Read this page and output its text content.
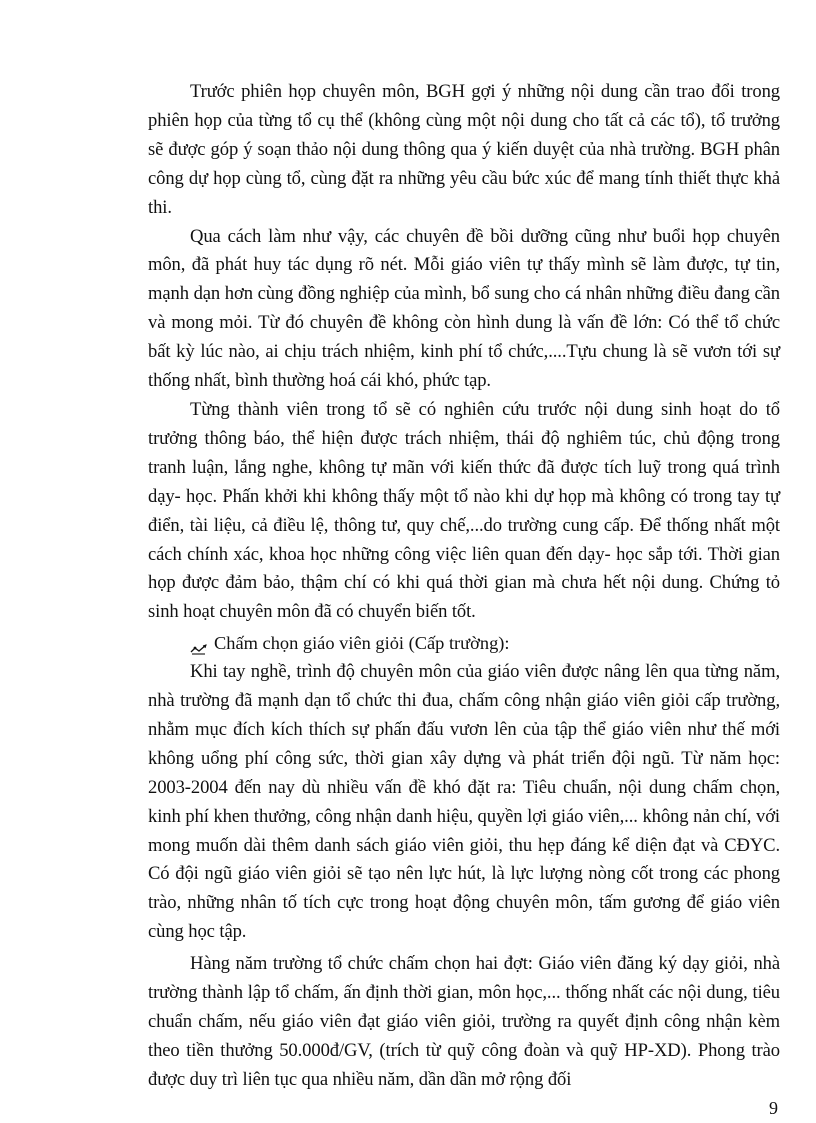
Trước phiên họp chuyên môn, BGH gợi ý những nội dung cần trao đổi trong phiên họp của từng tổ cụ thể (không cùng một nội dung cho tất cả các tổ), tổ trưởng sẽ được góp ý soạn thảo nội dung thông qua ý kiến duyệt của nhà trường. BGH phân công dự họp cùng tổ, cùng đặt ra những yêu cầu bức xúc để mang tính thiết thực khả thi.

Qua cách làm như vậy, các chuyên đề bồi dưỡng cũng như buổi họp chuyên môn, đã phát huy tác dụng rõ nét. Mỗi giáo viên tự thấy mình sẽ làm được, tự tin, mạnh dạn hơn cùng đồng nghiệp của mình, bổ sung cho cá nhân những điều đang cần và mong mỏi. Từ đó chuyên đề không còn hình dung là vấn đề lớn: Có thể tổ chức bất kỳ lúc nào, ai chịu trách nhiệm, kinh phí tổ chức,....Tựu chung là sẽ vươn tới sự thống nhất, bình thường hoá cái khó, phức tạp.

Từng thành viên trong tổ sẽ có nghiên cứu trước nội dung sinh hoạt do tổ trưởng thông báo, thể hiện được trách nhiệm, thái độ nghiêm túc, chủ động trong tranh luận, lắng nghe, không tự mãn với kiến thức đã được tích luỹ trong quá trình dạy- học. Phấn khởi khi không thấy một tổ nào khi dự họp mà không có trong tay tự điển, tài liệu, cả điều lệ, thông tư, quy chế,...do trường cung cấp. Để thống nhất một cách chính xác, khoa học những công việc liên quan đến dạy- học sắp tới. Thời gian họp được đảm bảo, thậm chí có khi quá thời gian mà chưa hết nội dung. Chứng tỏ sinh hoạt chuyên môn đã có chuyển biến tốt.

Chấm chọn giáo viên giỏi (Cấp trường):

Khi tay nghề, trình độ chuyên môn của giáo viên được nâng lên qua từng năm, nhà trường đã mạnh dạn tổ chức thi đua, chấm công nhận giáo viên giỏi cấp trường, nhằm mục đích kích thích sự phấn đấu vươn lên của tập thể giáo viên như thế mới không uổng phí công sức, thời gian xây dựng và phát triển đội ngũ. Từ năm học: 2003-2004 đến nay dù nhiều vấn đề khó đặt ra: Tiêu chuẩn, nội dung chấm chọn, kinh phí khen thưởng, công nhận danh hiệu, quyền lợi giáo viên,... không nản chí, với mong muốn dài thêm danh sách giáo viên giỏi, thu hẹp đáng kể diện đạt và CĐYC. Có đội ngũ giáo viên giỏi sẽ tạo nên lực hút, là lực lượng nòng cốt trong các phong trào, những nhân tố tích cực trong hoạt động chuyên môn, tấm gương để giáo viên cùng học tập.

Hàng năm trường tổ chức chấm chọn hai đợt: Giáo viên đăng ký dạy giỏi, nhà trường thành lập tổ chấm, ấn định thời gian, môn học,... thống nhất các nội dung, tiêu chuẩn chấm, nếu giáo viên đạt giáo viên giỏi, trường ra quyết định công nhận kèm theo tiền thưởng 50.000đ/GV, (trích từ quỹ công đoàn và quỹ HP-XD). Phong trào được duy trì liên tục qua nhiều năm, dần dần mở rộng đối

9
